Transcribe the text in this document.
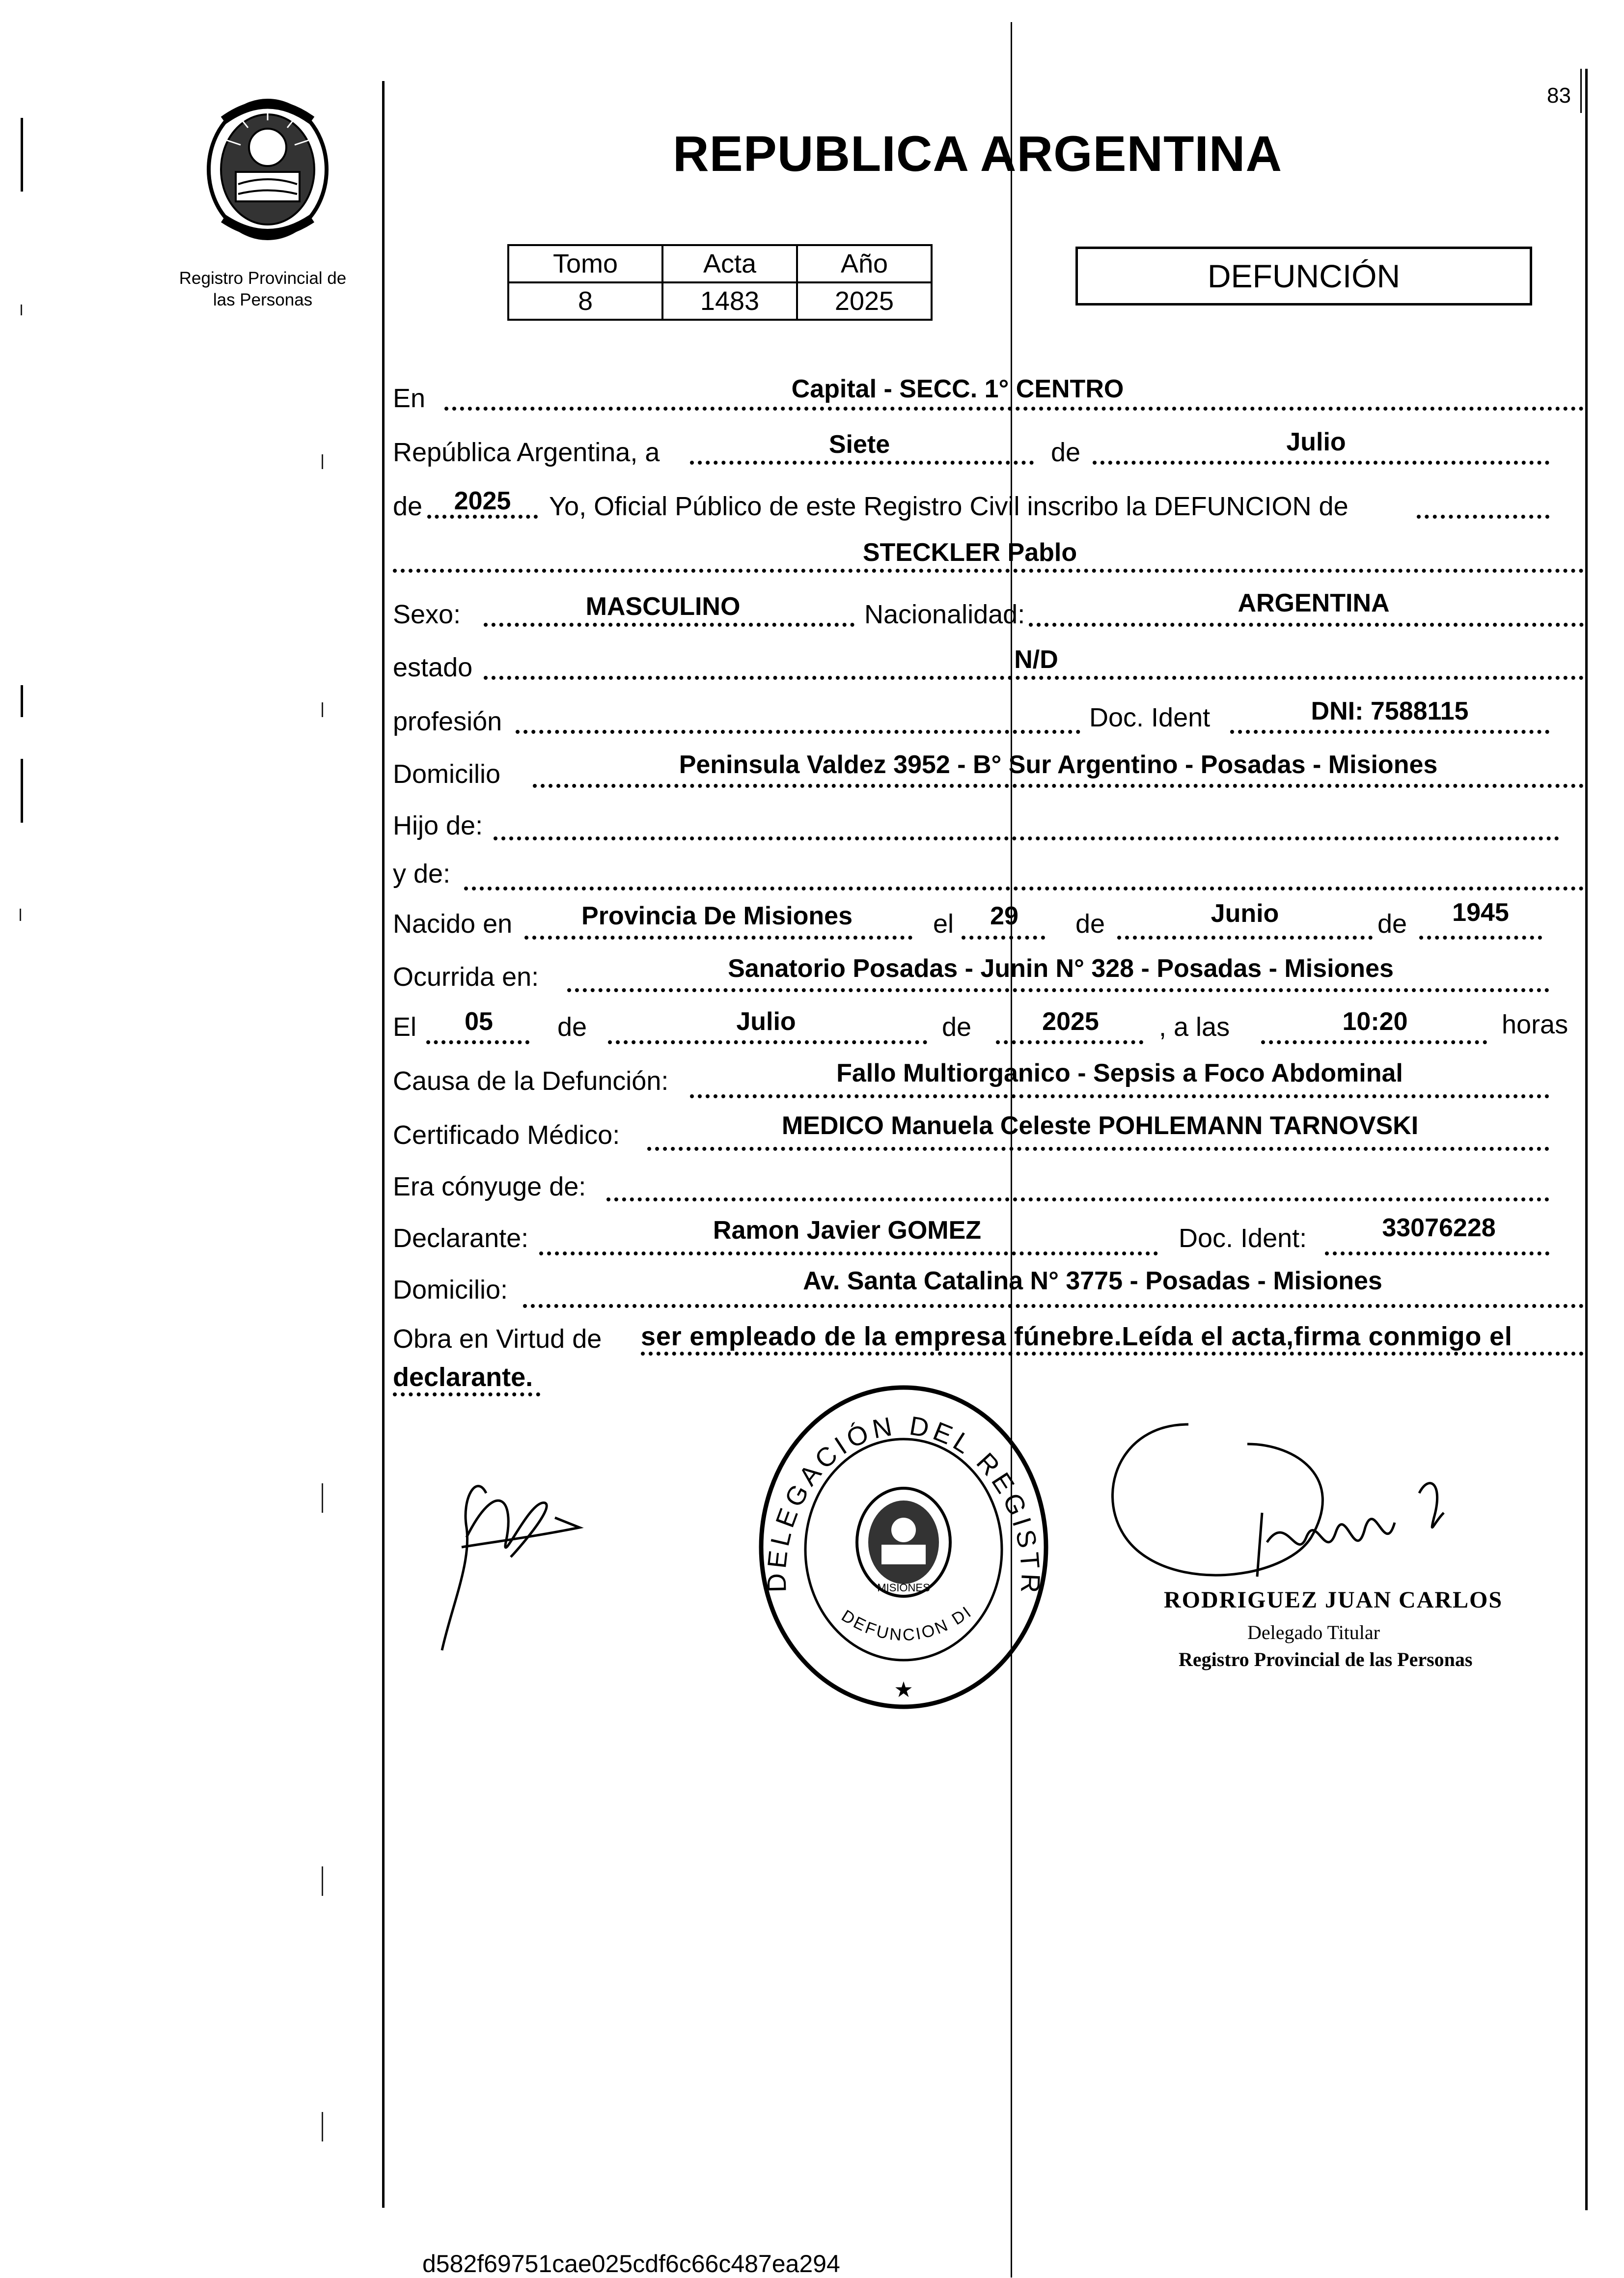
Registro Provincial de
las Personas
83
REPUBLICA ARGENTINA
Tomo	Acta	Año
8	1483	2025
DEFUNCIÓN
En	Capital - SECC. 1° CENTRO
República Argentina, a	Siete	de	Julio
de	2025	Yo, Oficial Público de este Registro Civil inscribo la DEFUNCION de
STECKLER Pablo
Sexo:	MASCULINO	Nacionalidad:	ARGENTINA
estado	N/D
profesión	Doc. Ident	DNI: 7588115
Domicilio	Peninsula Valdez 3952 - B° Sur Argentino - Posadas - Misiones
Hijo de:
y de:
Nacido en	Provincia De Misiones	el	29	de	Junio	de	1945
Ocurrida en:	Sanatorio Posadas - Junin N° 328 - Posadas - Misiones
El	05	de	Julio	de	2025	, a las	10:20	horas
Causa de la Defunción:	Fallo Multiorganico - Sepsis a Foco Abdominal
Certificado Médico:	MEDICO Manuela Celeste POHLEMANN TARNOVSKI
Era cónyuge de:
Declarante:	Ramon Javier GOMEZ	Doc. Ident:	33076228
Domicilio:	Av. Santa Catalina N° 3775 - Posadas - Misiones
Obra en Virtud de ser empleado de la empresa fúnebre.Leída el acta,firma conmigo el
declarante.
DELEGACIÓN DEL REGISTR
DEFUNCION DI
MISIONES
★
RODRIGUEZ JUAN CARLOS
Delegado Titular
Registro Provincial de las Personas
d582f69751cae025cdf6c66c487ea294
